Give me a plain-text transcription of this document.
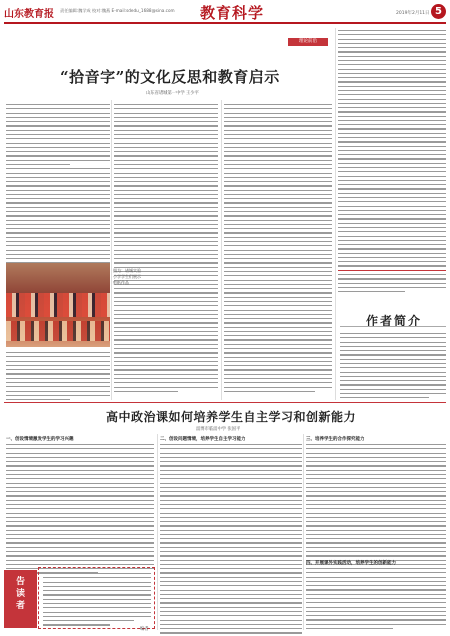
山东教育报 责任编辑:魏学成 校对:魏燕 E-mail:sdedu_1688@sina.com 教育科学	2019年2月11日 5
理论前沿
“拾音字”的文化反思和教育启示
山东省诸城第一中学 王少平
图为：诸城实验小学学生们展示剪纸作品
作者简介
高中政治课如何培养学生自主学习和创新能力
淄博市临淄中学 张国平
一、创设情境激发学生的学习兴趣	二、创设问题情境，培养学生自主学习能力	三、培养学生的合作探究能力
四、开展课外实践活动，培养学生的创新能力
告
读
者
编者
